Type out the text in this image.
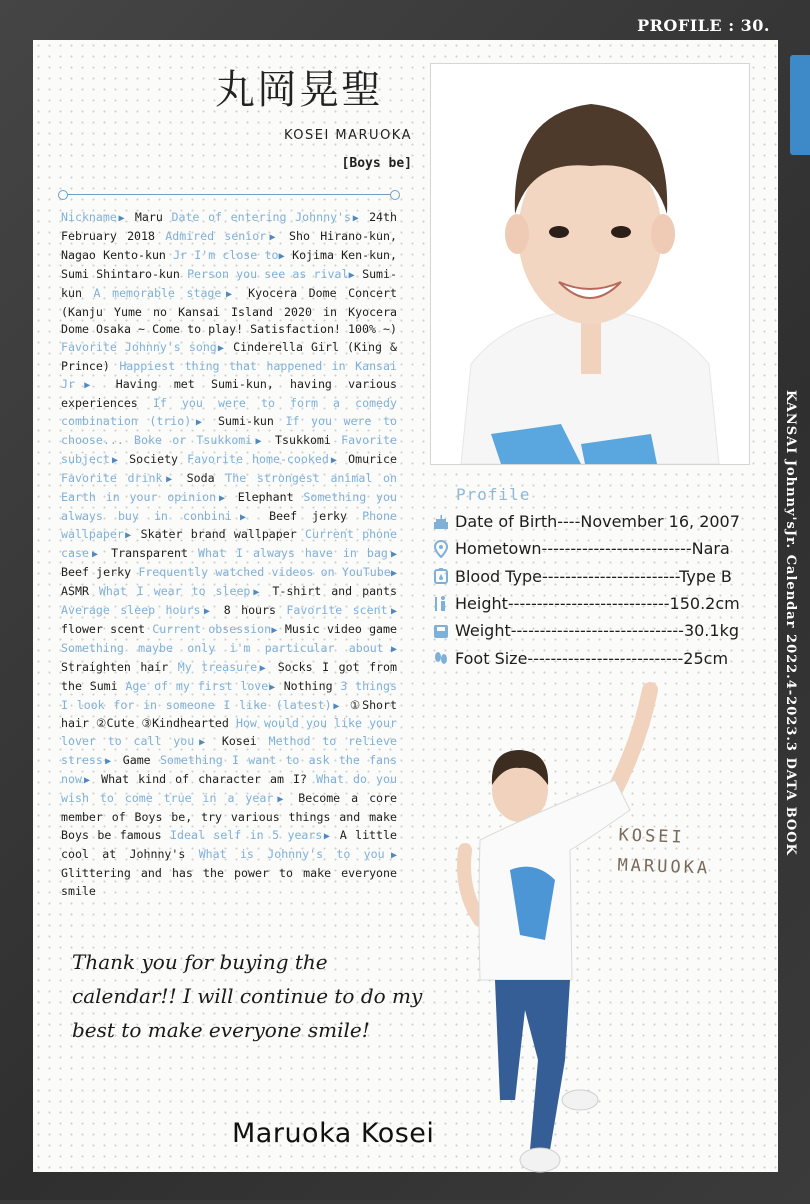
PROFILE : 30.
KANSAI Johnny'sJr. Calendar 2022.4-2023.3 DATA BOOK
丸岡晃聖
KOSEI MARUOKA
[Boys be]
Nickname▶ Maru Date of entering Johnny's▶ 24th February 2018 Admired senior▶ Sho Hirano-kun, Nagao Kento-kun Jr I'm close to▶ Kojima Ken-kun, Sumi Shintaro-kun Person you see as rival▶ Sumi-kun A memorable stage▶ Kyocera Dome Concert (Kanju Yume no Kansai Island 2020 in Kyocera Dome Osaka ~ Come to play! Satisfaction! 100% ~) Favorite Johnny's song▶ Cinderella Girl (King & Prince) Happiest thing that happened in Kansai Jr▶ Having met Sumi-kun, having various experiences If you were to form a comedy combination (trio)▶ Sumi-kun If you were to choose... Boke or Tsukkomi▶ Tsukkomi Favorite subject▶ Society Favorite home-cooked▶ Omurice Favorite drink▶ Soda The strongest animal on Earth in your opinion▶ Elephant Something you always buy in conbini▶ Beef jerky Phone wallpaper▶ Skater brand wallpaper Current phone case▶ Transparent What I always have in bag▶ Beef jerky Frequently watched videos on YouTube▶ ASMR What I wear to sleep▶ T-shirt and pants Average sleep hours▶ 8 hours Favorite scent▶ flower scent Current obsession▶ Music video game Something maybe only i'm particular about▶ Straighten hair My treasure▶ Socks I got from the Sumi Age of my first love▶ Nothing 3 things I look for in someone I like (latest)▶ ①Short hair ②Cute ③Kindhearted How would you like your lover to call you▶ Kosei Method to relieve stress▶ Game Something I want to ask the fans now▶ What kind of character am I? What do you wish to come true in a year▶ Become a core member of Boys be, try various things and make Boys be famous Ideal self in 5 years▶ A little cool at Johnny's What is Johnny's to you▶ Glittering and has the power to make everyone smile
Profile
Date of Birth----November 16, 2007
Hometown--------------------------Nara
Blood Type------------------------Type B
Height----------------------------150.2cm
Weight------------------------------30.1kg
Foot Size---------------------------25cm
KOSEI
MARUOKA
Thank you for buying the calendar!! I will continue to do my best to make everyone smile!
Maruoka Kosei
